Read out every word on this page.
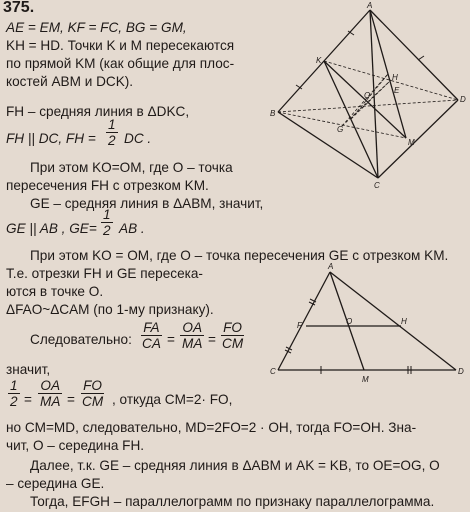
375.
AE = EM, KF = FC, BG = GM,
KH = HD. Точки K и M пересекаются
по прямой KM (как общие для плос-
костей ABM и DCK).
FH – средняя линия в ΔDKC,
FH || DC, FH = $\frac{1}{2}$ DC .
При этом KO=OM, где O – точка
пересечения FH с отрезком KM.
GE – средняя линия в ΔABM, значит,
GE || AB , $GE= \frac{1}{2}$ AB .
При этом KO = OM, где O – точка пересечения GE с отрезком KM.
Т.е. отрезки FH и GE пересека-
ются в точке O.
ΔFAO~ΔCAM (по 1-му признаку).
Следовательно: $\frac{FA}{CA} = \frac{OA}{MA} = \frac{FO}{CM}$
значит,
$\frac{1}{2} = \frac{OA}{MA} = \frac{FO}{CM}$ , откуда CM=2· FO,
но CM=MD, следовательно, MD=2FO=2 · OH, тогда FO=OH. Зна-
чит, O – середина FH.
Далее, т.к. GE – средняя линия в ΔABM и AK = KB, то OE=OG, O
– середина GE.
Тогда, EFGH – параллелограмм по признаку параллелограмма.
A
K
H
B
E
D
G
M
C
O
A
F	O	H
C
M
D
